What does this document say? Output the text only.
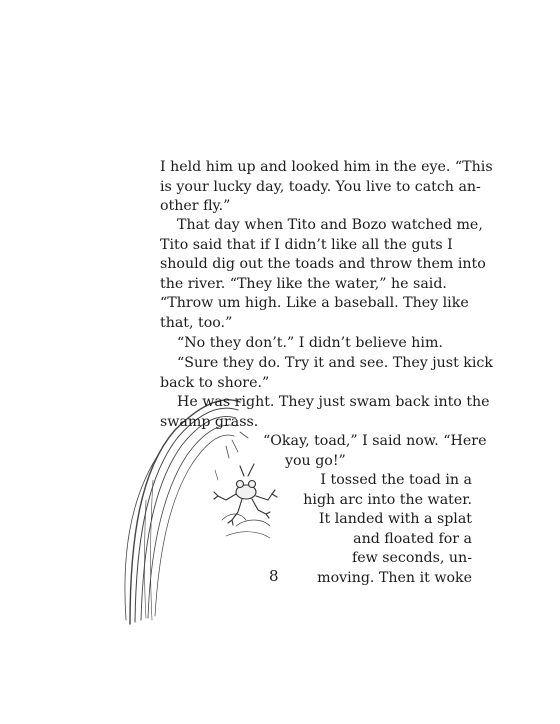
I held him up and looked him in the eye. “This
is your lucky day, toady. You live to catch an-
other fly.”
That day when Tito and Bozo watched me,
Tito said that if I didn’t like all the guts I
should dig out the toads and throw them into
the river. “They like the water,” he said.
“Throw um high. Like a baseball. They like
that, too.”
“No they don’t.” I didn’t believe him.
“Sure they do. Try it and see. They just kick
back to shore.”
He was right. They just swam back into the
swamp grass.
“Okay, toad,” I said now. “Here
you go!”
I tossed the toad in a
high arc into the water.
It landed with a splat
and floated for a
few seconds, un-
moving. Then it woke
8
